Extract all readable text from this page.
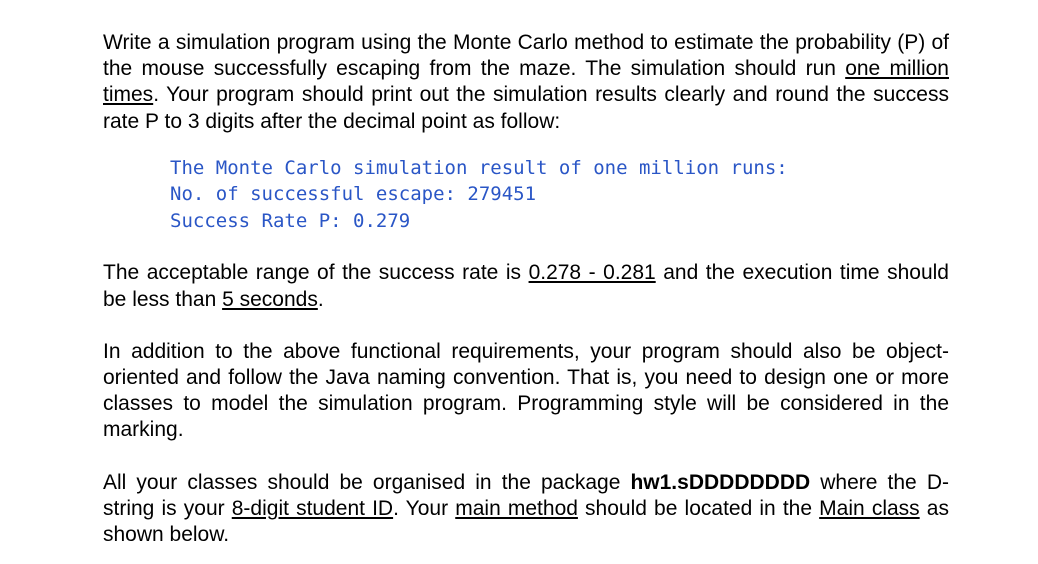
Write a simulation program using the Monte Carlo method to estimate the probability (P) of the mouse successfully escaping from the maze. The simulation should run one million times. Your program should print out the simulation results clearly and round the success rate P to 3 digits after the decimal point as follow:

The Monte Carlo simulation result of one million runs:
No. of successful escape: 279451
Success Rate P: 0.279

The acceptable range of the success rate is 0.278 - 0.281 and the execution time should be less than 5 seconds.

In addition to the above functional requirements, your program should also be object-oriented and follow the Java naming convention. That is, you need to design one or more classes to model the simulation program. Programming style will be considered in the marking.

All your classes should be organised in the package hw1.sDDDDDDDD where the D-string is your 8-digit student ID. Your main method should be located in the Main class as shown below.
